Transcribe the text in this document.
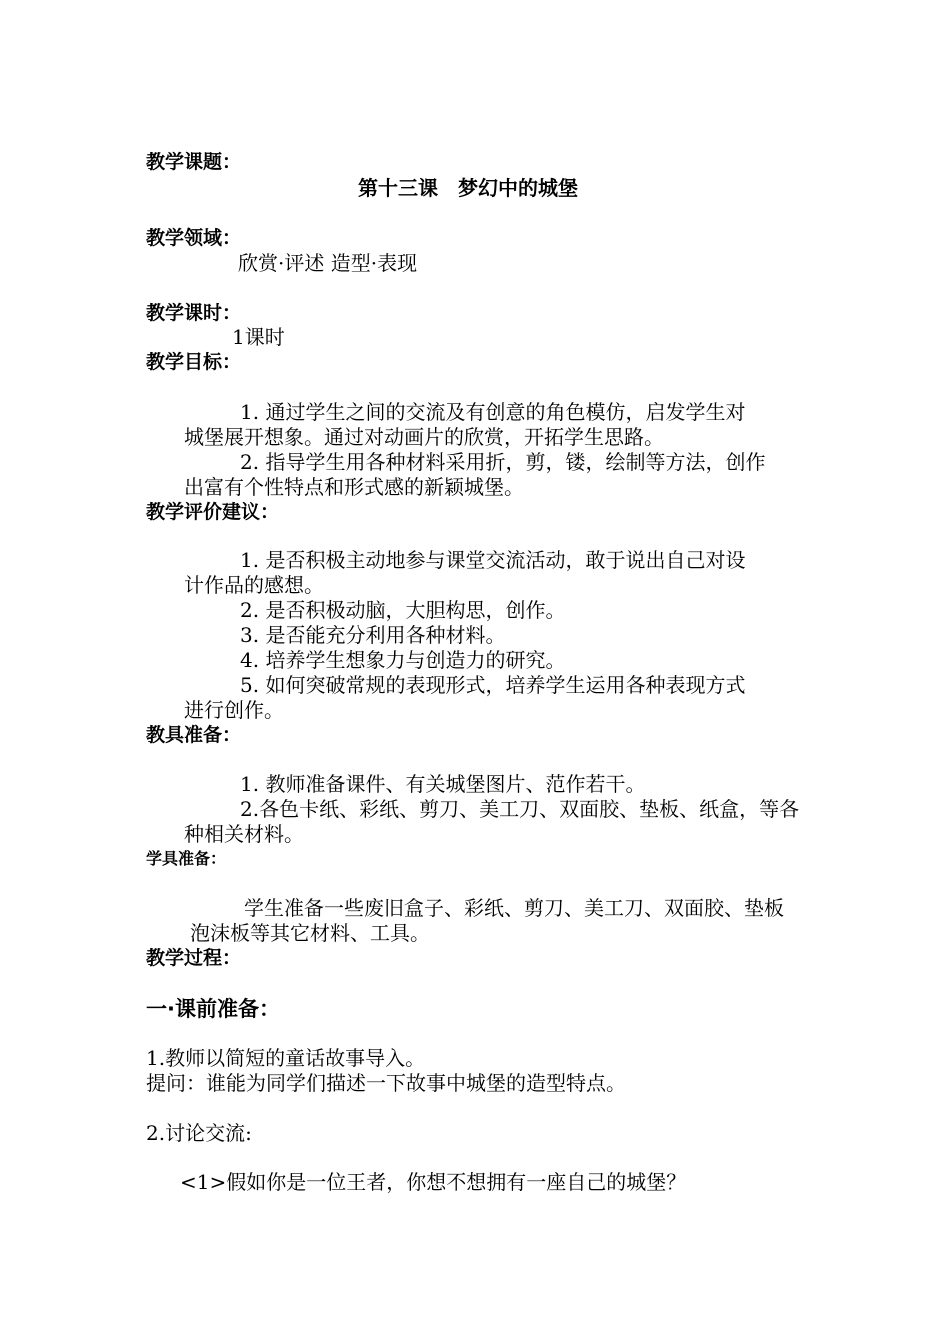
教学课题：
第十三课　梦幻中的城堡
教学领域：
欣赏·评述 造型·表现
教学课时：
1课时
教学目标：
1. 通过学生之间的交流及有创意的角色模仿，启发学生对
城堡展开想象。通过对动画片的欣赏，开拓学生思路。
2. 指导学生用各种材料采用折，剪，镂，绘制等方法，创作
出富有个性特点和形式感的新颖城堡。
教学评价建议：
1. 是否积极主动地参与课堂交流活动，敢于说出自己对设
计作品的感想。
2. 是否积极动脑，大胆构思，创作。
3. 是否能充分利用各种材料。
4. 培养学生想象力与创造力的研究。
5. 如何突破常规的表现形式，培养学生运用各种表现方式
进行创作。
教具准备：
1. 教师准备课件、有关城堡图片、范作若干。
2.各色卡纸、彩纸、剪刀、美工刀、双面胶、垫板、纸盒，等各
种相关材料。
学具准备：
学生准备一些废旧盒子、彩纸、剪刀、美工刀、双面胶、垫板
泡沫板等其它材料、工具。
教学过程：
一·课前准备：
1.教师以简短的童话故事导入。
提问：谁能为同学们描述一下故事中城堡的造型特点。
2.讨论交流:
<1>假如你是一位王者，你想不想拥有一座自己的城堡？
